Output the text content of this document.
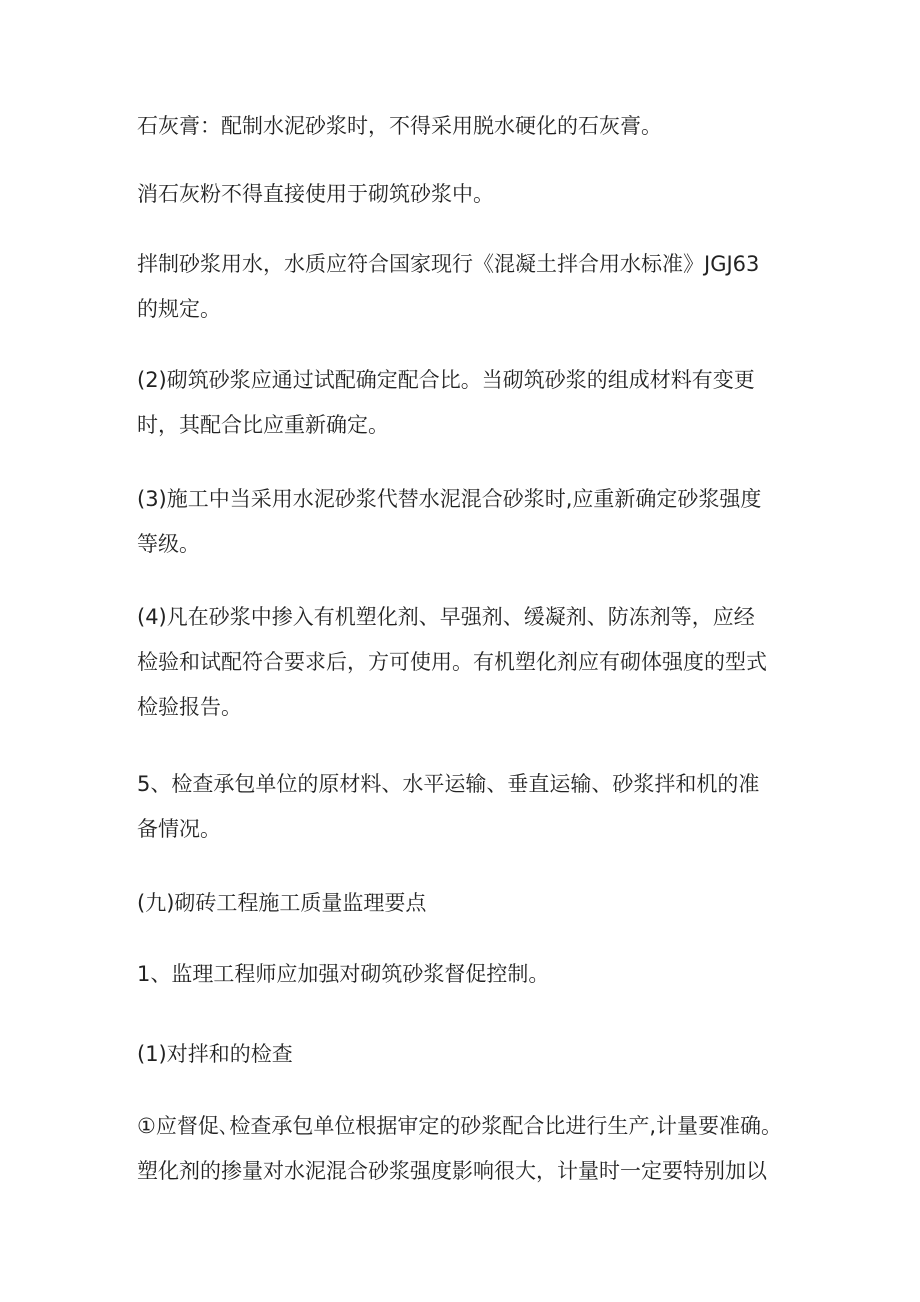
石灰膏：配制水泥砂浆时，不得采用脱水硬化的石灰膏。

消石灰粉不得直接使用于砌筑砂浆中。

拌制砂浆用水，水质应符合国家现行《混凝土拌合用水标准》JGJ63
的规定。

(2)砌筑砂浆应通过试配确定配合比。当砌筑砂浆的组成材料有变更
时，其配合比应重新确定。

(3)施工中当采用水泥砂浆代替水泥混合砂浆时,应重新确定砂浆强度
等级。

(4)凡在砂浆中掺入有机塑化剂、早强剂、缓凝剂、防冻剂等，应经
检验和试配符合要求后，方可使用。有机塑化剂应有砌体强度的型式
检验报告。

5、检查承包单位的原材料、水平运输、垂直运输、砂浆拌和机的准
备情况。

(九)砌砖工程施工质量监理要点

1、监理工程师应加强对砌筑砂浆督促控制。

(1)对拌和的检查

①应督促､检查承包单位根据审定的砂浆配合比进行生产,计量要准确。
塑化剂的掺量对水泥混合砂浆强度影响很大，计量时一定要特别加以
